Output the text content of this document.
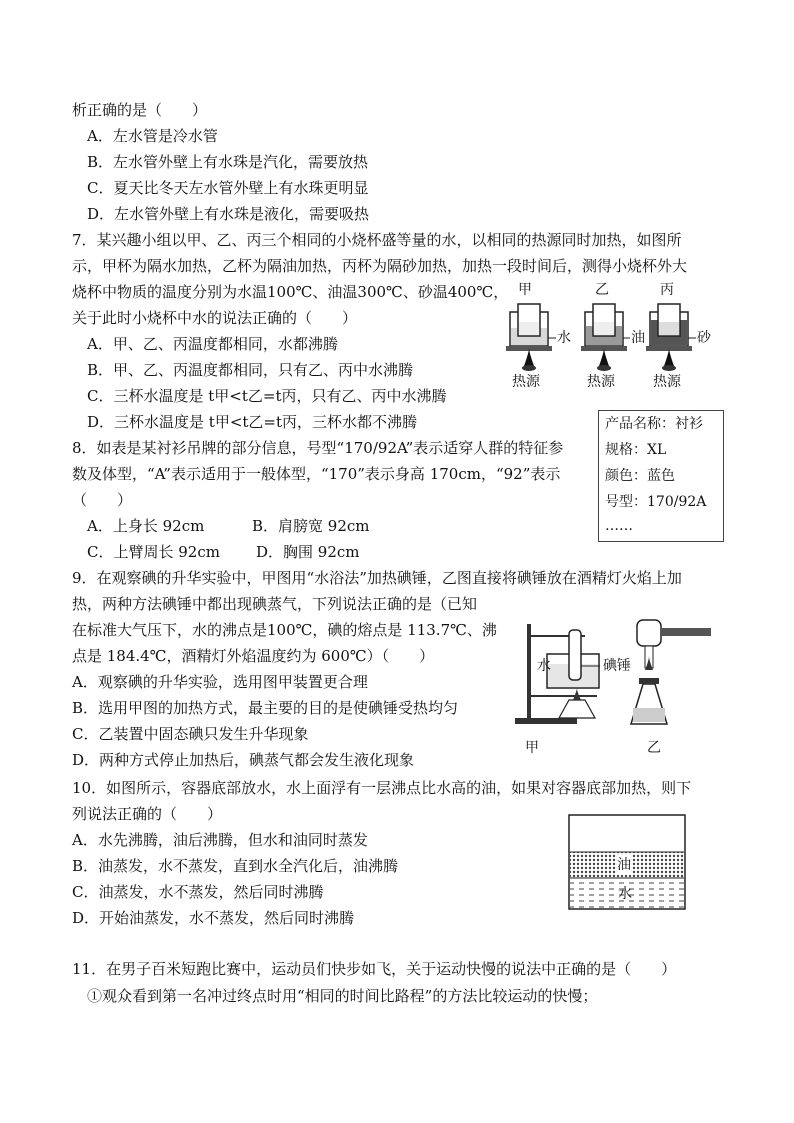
析正确的是（　　）
A．左水管是冷水管
B．左水管外壁上有水珠是汽化，需要放热
C．夏天比冬天左水管外壁上有水珠更明显
D．左水管外壁上有水珠是液化，需要吸热
7．某兴趣小组以甲、乙、丙三个相同的小烧杯盛等量的水，以相同的热源同时加热，如图所
示，甲杯为隔水加热，乙杯为隔油加热，丙杯为隔砂加热，加热一段时间后，测得小烧杯外大
烧杯中物质的温度分别为水温100℃、油温300℃、砂温400℃，
关于此时小烧杯中水的说法正确的（　　）
A．甲、乙、丙温度都相同，水都沸腾
B．甲、乙、丙温度都相同，只有乙、丙中水沸腾
C．三杯水温度是 t甲<t乙=t丙，只有乙、丙中水沸腾
D．三杯水温度是 t甲<t乙=t丙，三杯水都不沸腾
甲	乙	丙
水	油	砂
热源	热源	热源
产品名称：衬衫
规格：XL
颜色：蓝色
号型：170/92A
……
8．如表是某衬衫吊牌的部分信息，号型“170/92A”表示适穿人群的特征参
数及体型，“A”表示适用于一般体型，“170”表示身高 170cm，“92”表示
（　　）
A．上身长 92cm	B．肩膀宽 92cm
C．上臂周长 92cm D．胸围 92cm
9．在观察碘的升华实验中，甲图用“水浴法”加热碘锤，乙图直接将碘锤放在酒精灯火焰上加
热，两种方法碘锤中都出现碘蒸气，下列说法正确的是（已知
在标准大气压下，水的沸点是100℃，碘的熔点是 113.7℃、沸
点是 184.4℃，酒精灯外焰温度约为 600℃）（　　）
A．观察碘的升华实验，选用图甲装置更合理
B．选用甲图的加热方式，最主要的目的是使碘锤受热均匀
C．乙装置中固态碘只发生升华现象
D．两种方式停止加热后，碘蒸气都会发生液化现象
水	碘锤
甲	乙
10．如图所示，容器底部放水，水上面浮有一层沸点比水高的油，如果对容器底部加热，则下
列说法正确的（　　）
A．水先沸腾，油后沸腾，但水和油同时蒸发
B．油蒸发，水不蒸发，直到水全汽化后，油沸腾
C．油蒸发，水不蒸发，然后同时沸腾
D．开始油蒸发，水不蒸发，然后同时沸腾
油
水
11．在男子百米短跑比赛中，运动员们快步如飞，关于运动快慢的说法中正确的是（　　）
①观众看到第一名冲过终点时用“相同的时间比路程”的方法比较运动的快慢；
